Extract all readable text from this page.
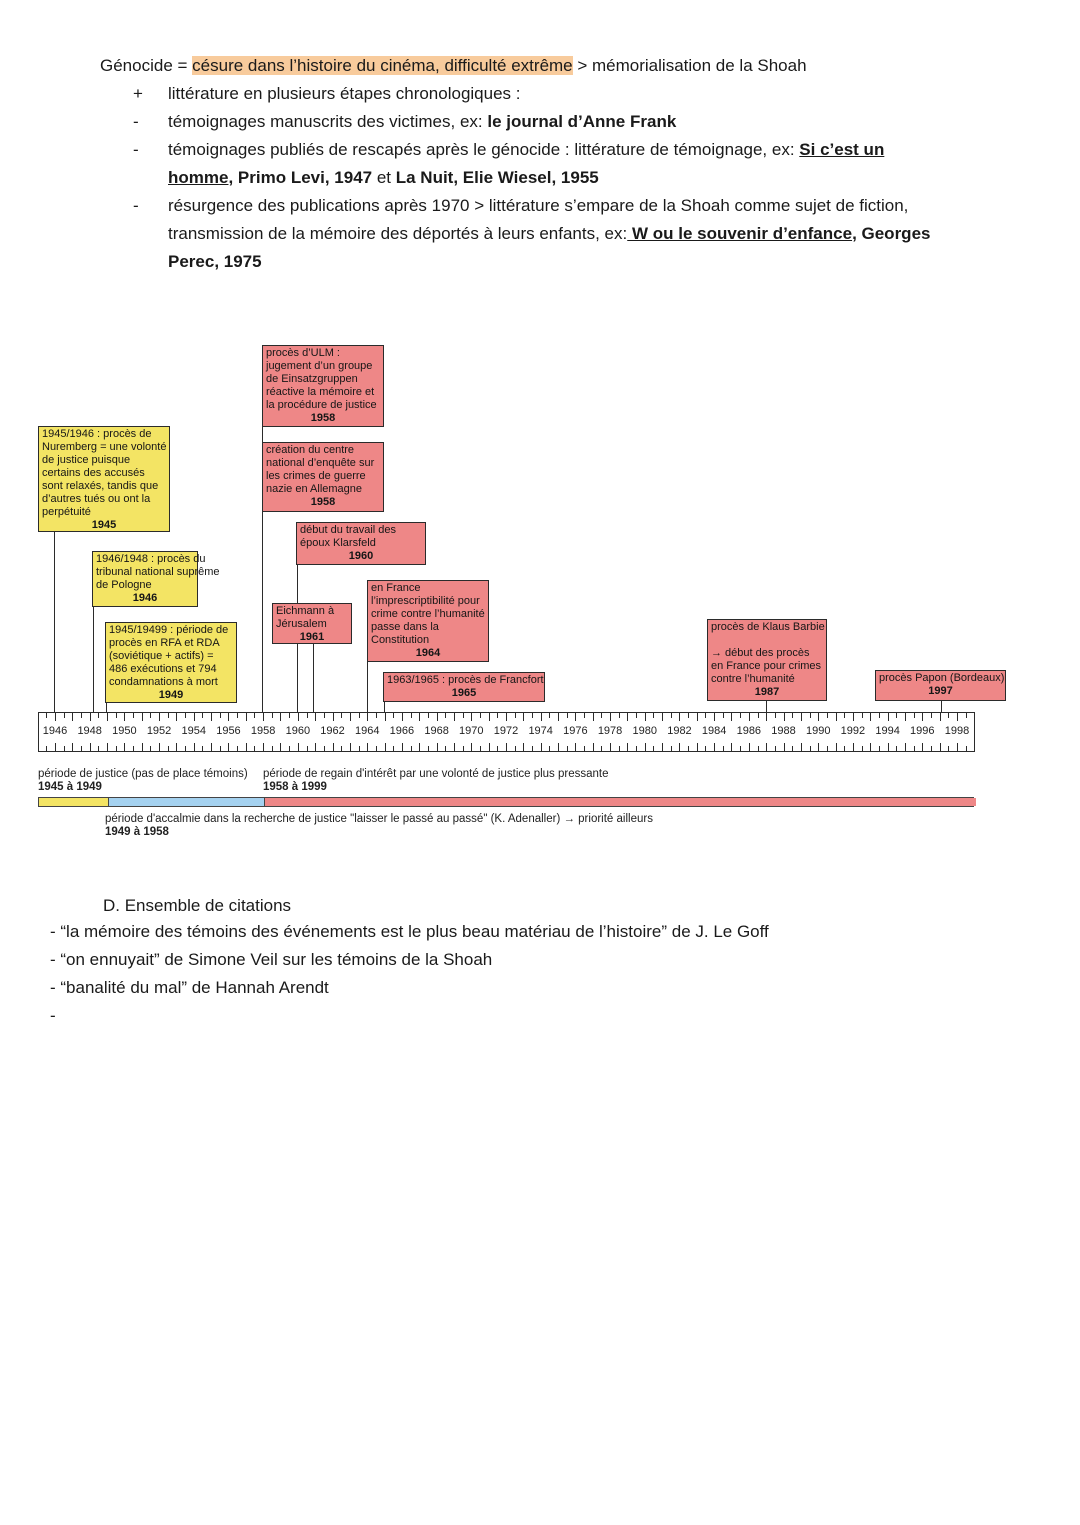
Génocide = césure dans l’histoire du cinéma, difficulté extrême > mémorialisation de la Shoah
+	littérature en plusieurs étapes chronologiques :
-	témoignages manuscrits des victimes, ex: le journal d’Anne Frank
-	témoignages publiés de rescapés après le génocide : littérature de témoignage, ex: Si c’est un homme, Primo Levi, 1947 et La Nuit, Elie Wiesel, 1955
-	résurgence des publications après 1970 > littérature s’empare de la Shoah comme sujet de fiction, transmission de la mémoire des déportés à leurs enfants, ex: W ou le souvenir d’enfance, Georges Perec, 1975
1945/1946 : procès de
Nuremberg = une volonté
de justice puisque
certains des accusés
sont relaxés, tandis que
d’autres tués ou ont la
perpétuité
1945
1946/1948 : procès du
tribunal national suprême
de Pologne
1946
1945/19499 : période de
procès en RFA et RDA
(soviétique + actifs) =
486 exécutions et 794
condamnations à mort
1949
procès d’ULM :
jugement d’un groupe
de Einsatzgruppen
réactive la mémoire et
la procédure de justice
1958
création du centre
national d’enquête sur
les crimes de guerre
nazie en Allemagne
1958
début du travail des
époux Klarsfeld
1960
Eichmann à
Jérusalem
1961
en France
l’imprescriptibilité pour
crime contre l’humanité
passe dans la
Constitution
1964
1963/1965 : procès de Francfort
1965
procès de Klaus Barbie

→ début des procès
en France pour crimes
contre l’humanité
1987
procès Papon (Bordeaux)
1997
1946 1948 1950 1952 1954 1956 1958 1960 1962 1964 1966 1968 1970 1972 1974 1976 1978 1980 1982 1984 1986 1988 1990 1992 1994 1996 1998
période de justice (pas de place témoins)
1945 à 1949
période de regain d'intérêt par une volonté de justice plus pressante
1958 à 1999
période d'accalmie dans la recherche de justice "laisser le passé au passé" (K. Adenaller) → priorité ailleurs
1949 à 1958
D. Ensemble de citations
- “la mémoire des témoins des événements est le plus beau matériau de l’histoire” de J. Le Goff
- “on ennuyait” de Simone Veil sur les témoins de la Shoah
- “banalité du mal” de Hannah Arendt
-
